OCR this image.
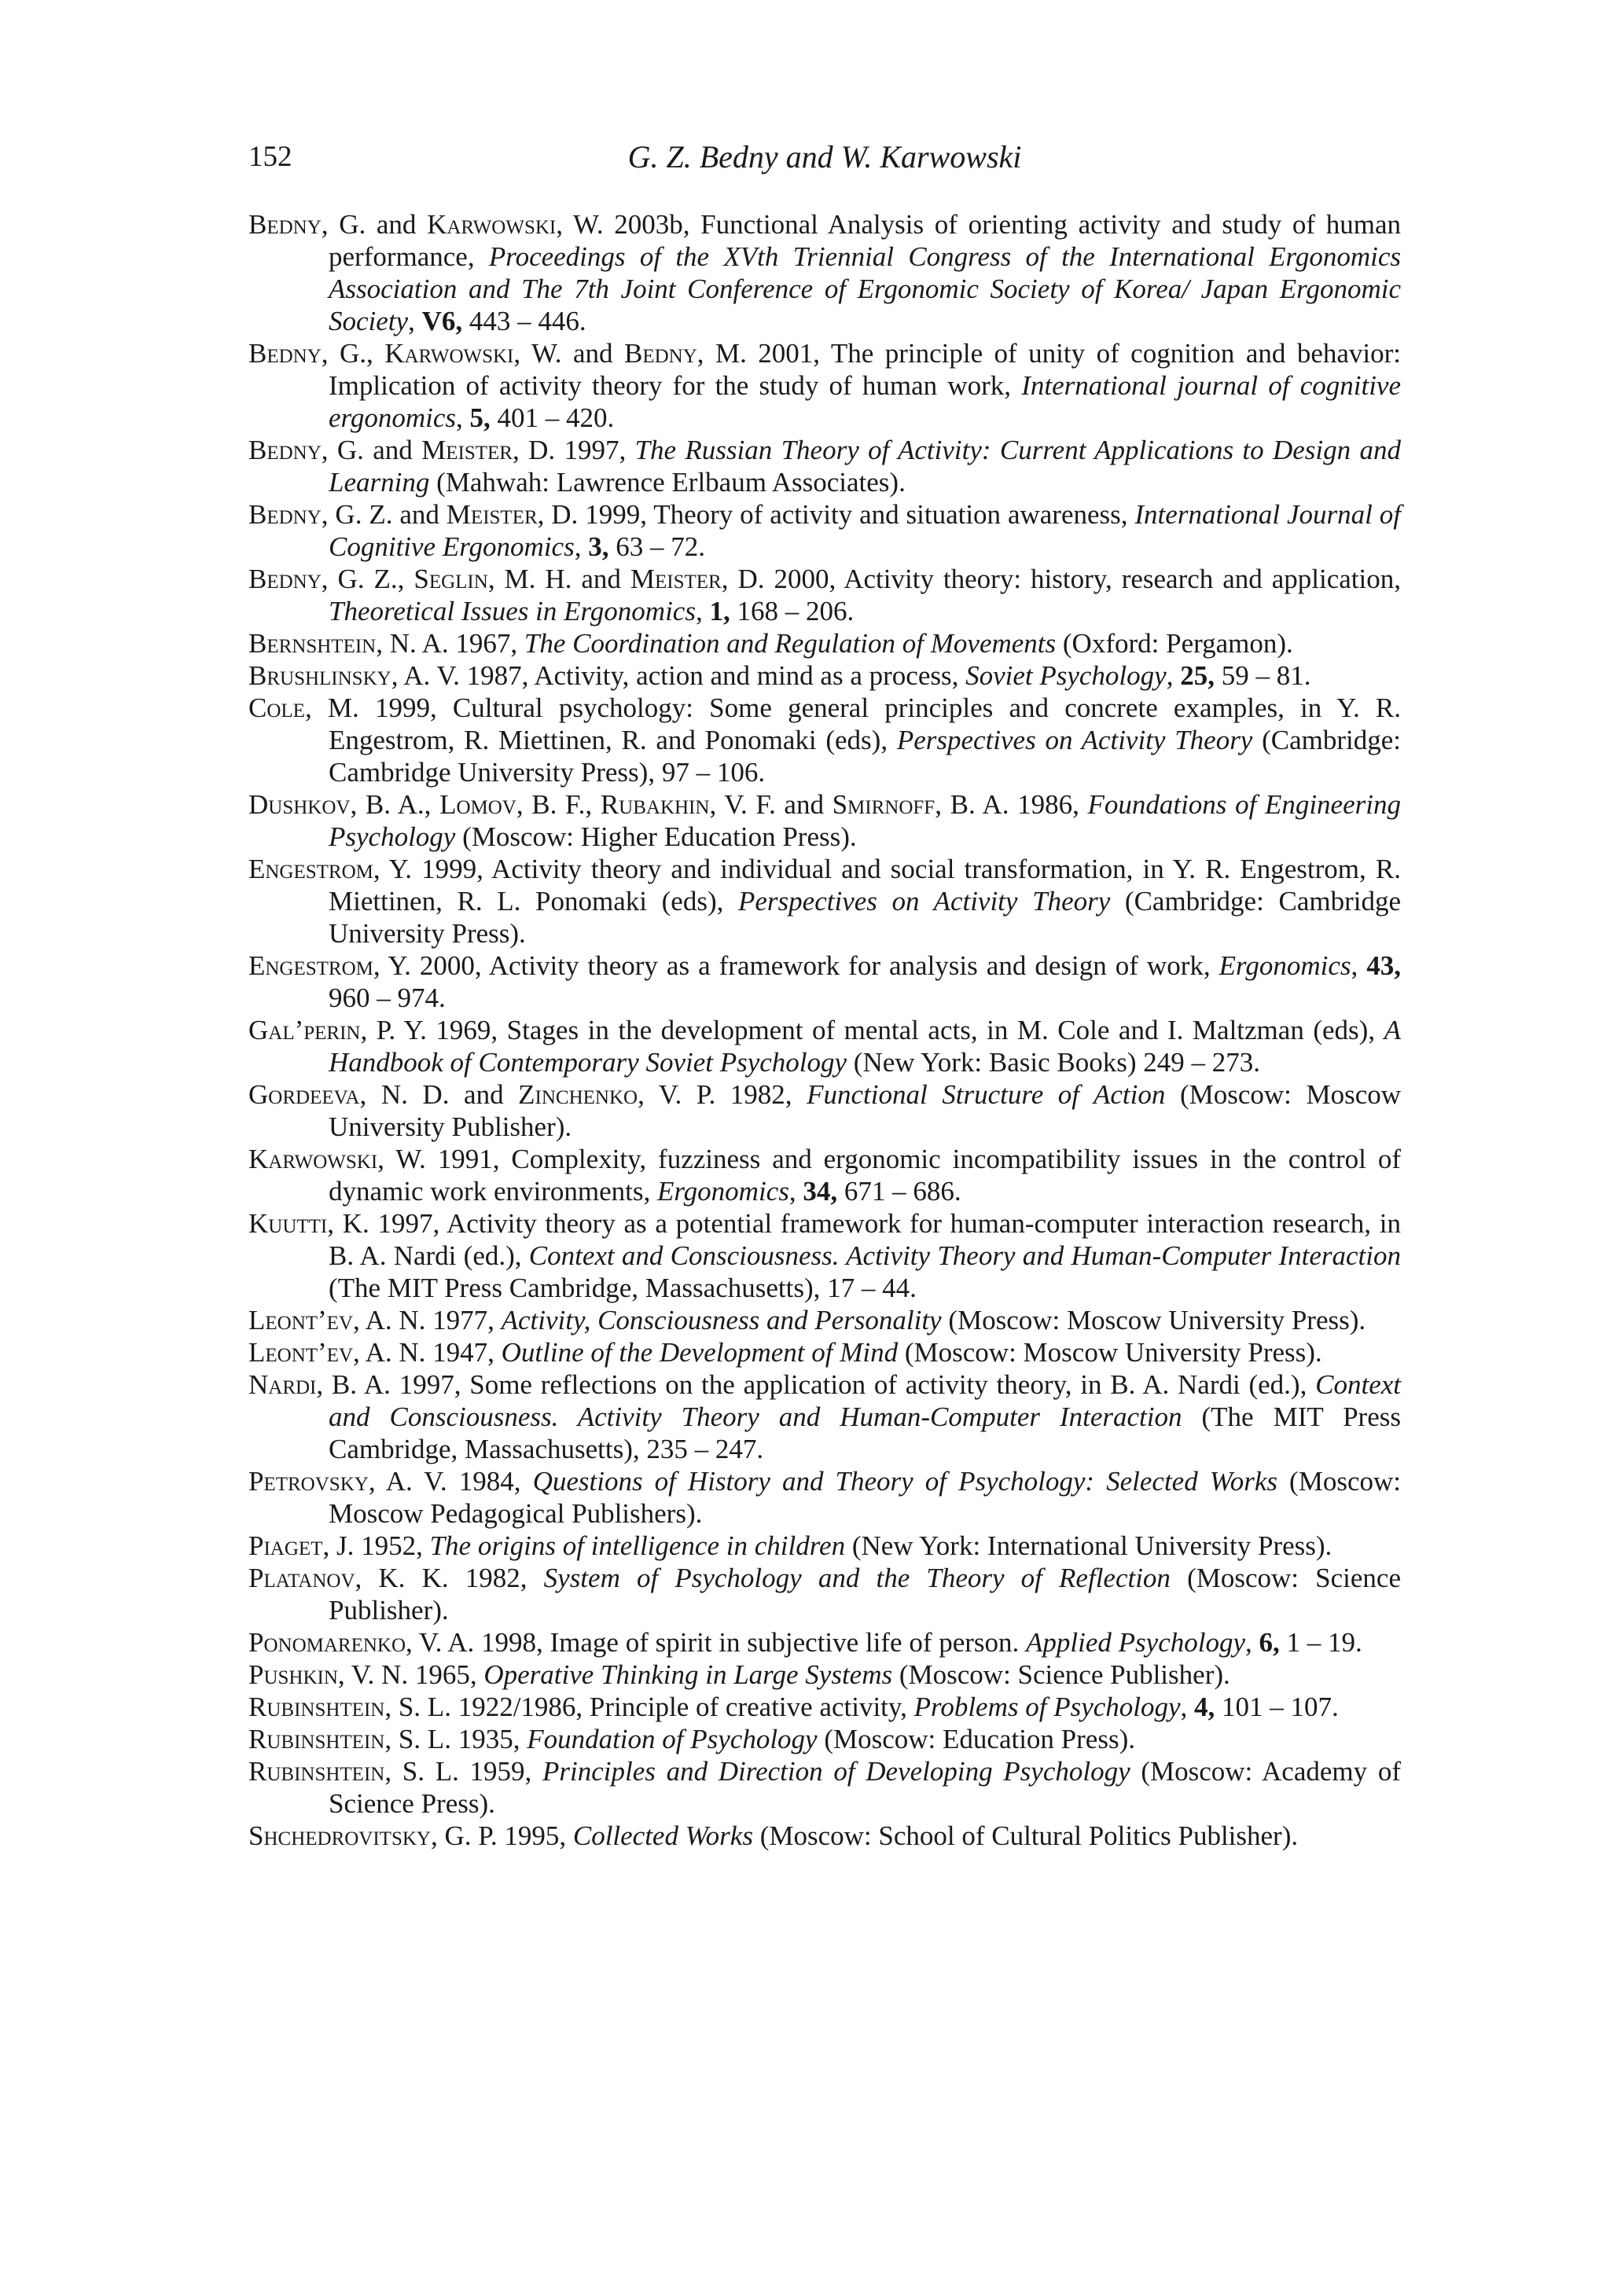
152	G. Z. Bedny and W. Karwowski
Bedny, G. and Karwowski, W. 2003b, Functional Analysis of orienting activity and study of human performance, Proceedings of the XVth Triennial Congress of the International Ergonomics Association and The 7th Joint Conference of Ergonomic Society of Korea/ Japan Ergonomic Society, V6, 443 – 446.
Bedny, G., Karwowski, W. and Bedny, M. 2001, The principle of unity of cognition and behavior: Implication of activity theory for the study of human work, International journal of cognitive ergonomics, 5, 401 – 420.
Bedny, G. and Meister, D. 1997, The Russian Theory of Activity: Current Applications to Design and Learning (Mahwah: Lawrence Erlbaum Associates).
Bedny, G. Z. and Meister, D. 1999, Theory of activity and situation awareness, International Journal of Cognitive Ergonomics, 3, 63 – 72.
Bedny, G. Z., Seglin, M. H. and Meister, D. 2000, Activity theory: history, research and application, Theoretical Issues in Ergonomics, 1, 168 – 206.
Bernshtein, N. A. 1967, The Coordination and Regulation of Movements (Oxford: Pergamon).
Brushlinsky, A. V. 1987, Activity, action and mind as a process, Soviet Psychology, 25, 59 – 81.
Cole, M. 1999, Cultural psychology: Some general principles and concrete examples, in Y. R. Engestrom, R. Miettinen, R. and Ponomaki (eds), Perspectives on Activity Theory (Cambridge: Cambridge University Press), 97 – 106.
Dushkov, B. A., Lomov, B. F., Rubakhin, V. F. and Smirnoff, B. A. 1986, Foundations of Engineering Psychology (Moscow: Higher Education Press).
Engestrom, Y. 1999, Activity theory and individual and social transformation, in Y. R. Engestrom, R. Miettinen, R. L. Ponomaki (eds), Perspectives on Activity Theory (Cambridge: Cambridge University Press).
Engestrom, Y. 2000, Activity theory as a framework for analysis and design of work, Ergonomics, 43, 960 – 974.
Gal’perin, P. Y. 1969, Stages in the development of mental acts, in M. Cole and I. Maltzman (eds), A Handbook of Contemporary Soviet Psychology (New York: Basic Books) 249 – 273.
Gordeeva, N. D. and Zinchenko, V. P. 1982, Functional Structure of Action (Moscow: Moscow University Publisher).
Karwowski, W. 1991, Complexity, fuzziness and ergonomic incompatibility issues in the control of dynamic work environments, Ergonomics, 34, 671 – 686.
Kuutti, K. 1997, Activity theory as a potential framework for human-computer interaction research, in B. A. Nardi (ed.), Context and Consciousness. Activity Theory and Human-Computer Interaction (The MIT Press Cambridge, Massachusetts), 17 – 44.
Leont’ev, A. N. 1977, Activity, Consciousness and Personality (Moscow: Moscow University Press).
Leont’ev, A. N. 1947, Outline of the Development of Mind (Moscow: Moscow University Press).
Nardi, B. A. 1997, Some reflections on the application of activity theory, in B. A. Nardi (ed.), Context and Consciousness. Activity Theory and Human-Computer Interaction (The MIT Press Cambridge, Massachusetts), 235 – 247.
Petrovsky, A. V. 1984, Questions of History and Theory of Psychology: Selected Works (Moscow: Moscow Pedagogical Publishers).
Piaget, J. 1952, The origins of intelligence in children (New York: International University Press).
Platanov, K. K. 1982, System of Psychology and the Theory of Reflection (Moscow: Science Publisher).
Ponomarenko, V. A. 1998, Image of spirit in subjective life of person. Applied Psychology, 6, 1 – 19.
Pushkin, V. N. 1965, Operative Thinking in Large Systems (Moscow: Science Publisher).
Rubinshtein, S. L. 1922/1986, Principle of creative activity, Problems of Psychology, 4, 101 – 107.
Rubinshtein, S. L. 1935, Foundation of Psychology (Moscow: Education Press).
Rubinshtein, S. L. 1959, Principles and Direction of Developing Psychology (Moscow: Academy of Science Press).
Shchedrovitsky, G. P. 1995, Collected Works (Moscow: School of Cultural Politics Publisher).
